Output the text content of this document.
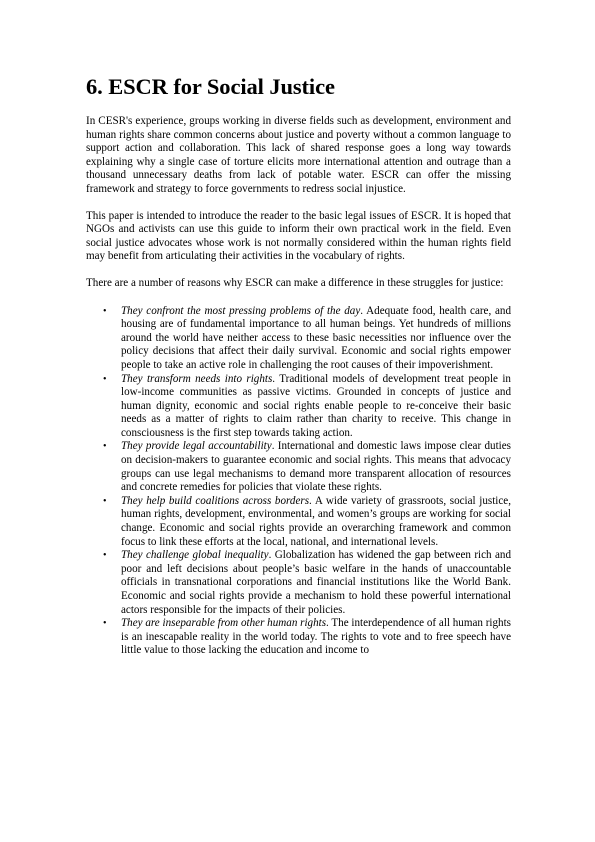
6. ESCR for Social Justice

In CESR's experience, groups working in diverse fields such as development, environment and human rights share common concerns about justice and poverty without a common language to support action and collaboration. This lack of shared response goes a long way towards explaining why a single case of torture elicits more international attention and outrage than a thousand unnecessary deaths from lack of potable water. ESCR can offer the missing framework and strategy to force governments to redress social injustice.

This paper is intended to introduce the reader to the basic legal issues of ESCR. It is hoped that NGOs and activists can use this guide to inform their own practical work in the field. Even social justice advocates whose work is not normally considered within the human rights field may benefit from articulating their activities in the vocabulary of rights.

There are a number of reasons why ESCR can make a difference in these struggles for justice:

• They confront the most pressing problems of the day. Adequate food, health care, and housing are of fundamental importance to all human beings. Yet hundreds of millions around the world have neither access to these basic necessities nor influence over the policy decisions that affect their daily survival. Economic and social rights empower people to take an active role in challenging the root causes of their impoverishment.
• They transform needs into rights. Traditional models of development treat people in low-income communities as passive victims. Grounded in concepts of justice and human dignity, economic and social rights enable people to re-conceive their basic needs as a matter of rights to claim rather than charity to receive. This change in consciousness is the first step towards taking action.
• They provide legal accountability. International and domestic laws impose clear duties on decision-makers to guarantee economic and social rights. This means that advocacy groups can use legal mechanisms to demand more transparent allocation of resources and concrete remedies for policies that violate these rights.
• They help build coalitions across borders. A wide variety of grassroots, social justice, human rights, development, environmental, and women’s groups are working for social change. Economic and social rights provide an overarching framework and common focus to link these efforts at the local, national, and international levels.
• They challenge global inequality. Globalization has widened the gap between rich and poor and left decisions about people’s basic welfare in the hands of unaccountable officials in transnational corporations and financial institutions like the World Bank. Economic and social rights provide a mechanism to hold these powerful international actors responsible for the impacts of their policies.
• They are inseparable from other human rights. The interdependence of all human rights is an inescapable reality in the world today. The rights to vote and to free speech have little value to those lacking the education and income to
